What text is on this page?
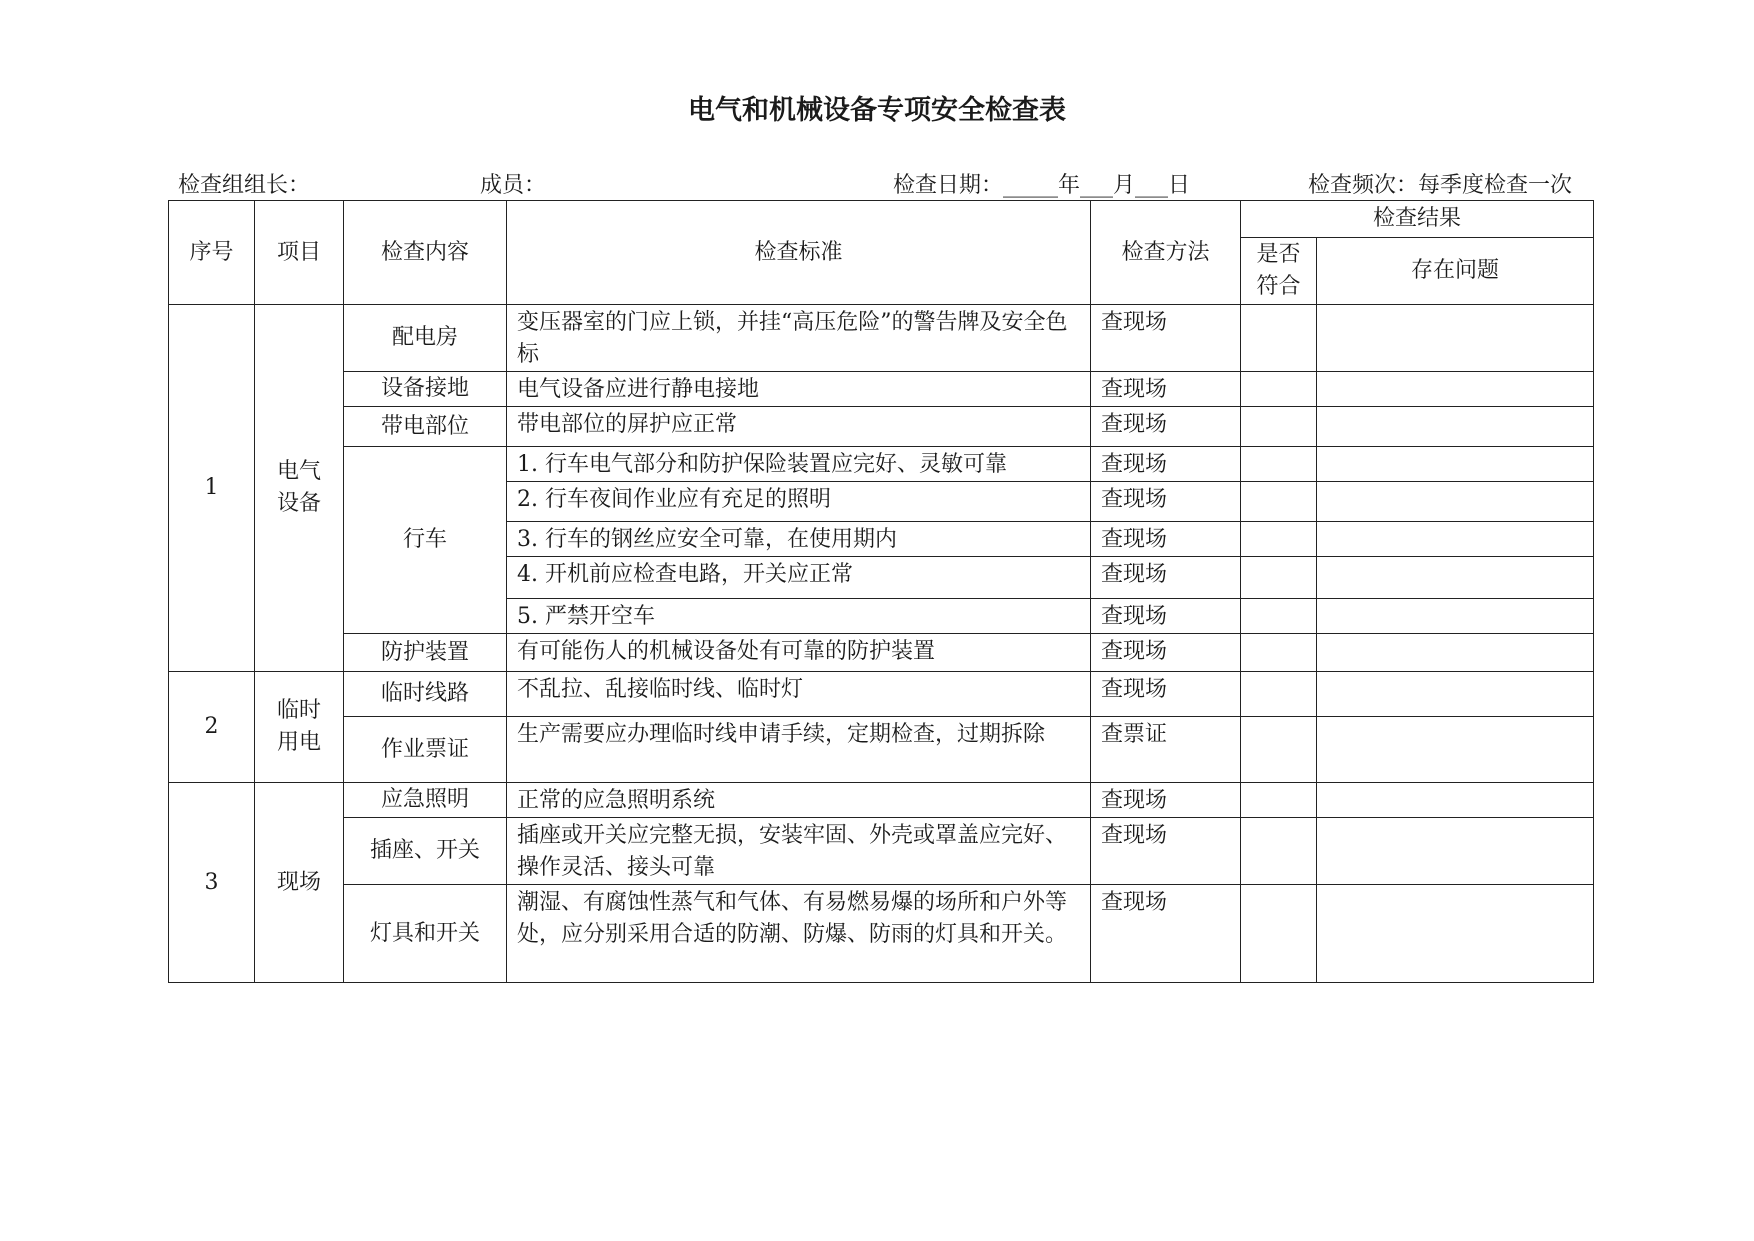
电气和机械设备专项安全检查表
检查组组长：	成员：	检查日期：_____年___月___日	检查频次：每季度检查一次
序号	项目	检查内容	检查标准	检查方法	检查结果	
					是否符合	存在问题
1	电气设备	配电房	变压器室的门应上锁，并挂“高压危险”的警告牌及安全色标	查现场		
		设备接地	电气设备应进行静电接地	查现场		
		带电部位	带电部位的屏护应正常	查现场		
		行车	1. 行车电气部分和防护保险装置应完好、灵敏可靠	查现场		
			2. 行车夜间作业应有充足的照明	查现场		
			3. 行车的钢丝应安全可靠，在使用期内	查现场		
			4. 开机前应检查电路，开关应正常	查现场		
			5. 严禁开空车	查现场		
		防护装置	有可能伤人的机械设备处有可靠的防护装置	查现场		
2	临时用电	临时线路	不乱拉、乱接临时线、临时灯	查现场		
		作业票证	生产需要应办理临时线申请手续，定期检查，过期拆除	查票证		
3	现场	应急照明	正常的应急照明系统	查现场		
		插座、开关	插座或开关应完整无损，安装牢固、外壳或罩盖应完好、操作灵活、接头可靠	查现场		
		灯具和开关	潮湿、有腐蚀性蒸气和气体、有易燃易爆的场所和户外等处，应分别采用合适的防潮、防爆、防雨的灯具和开关。	查现场		
